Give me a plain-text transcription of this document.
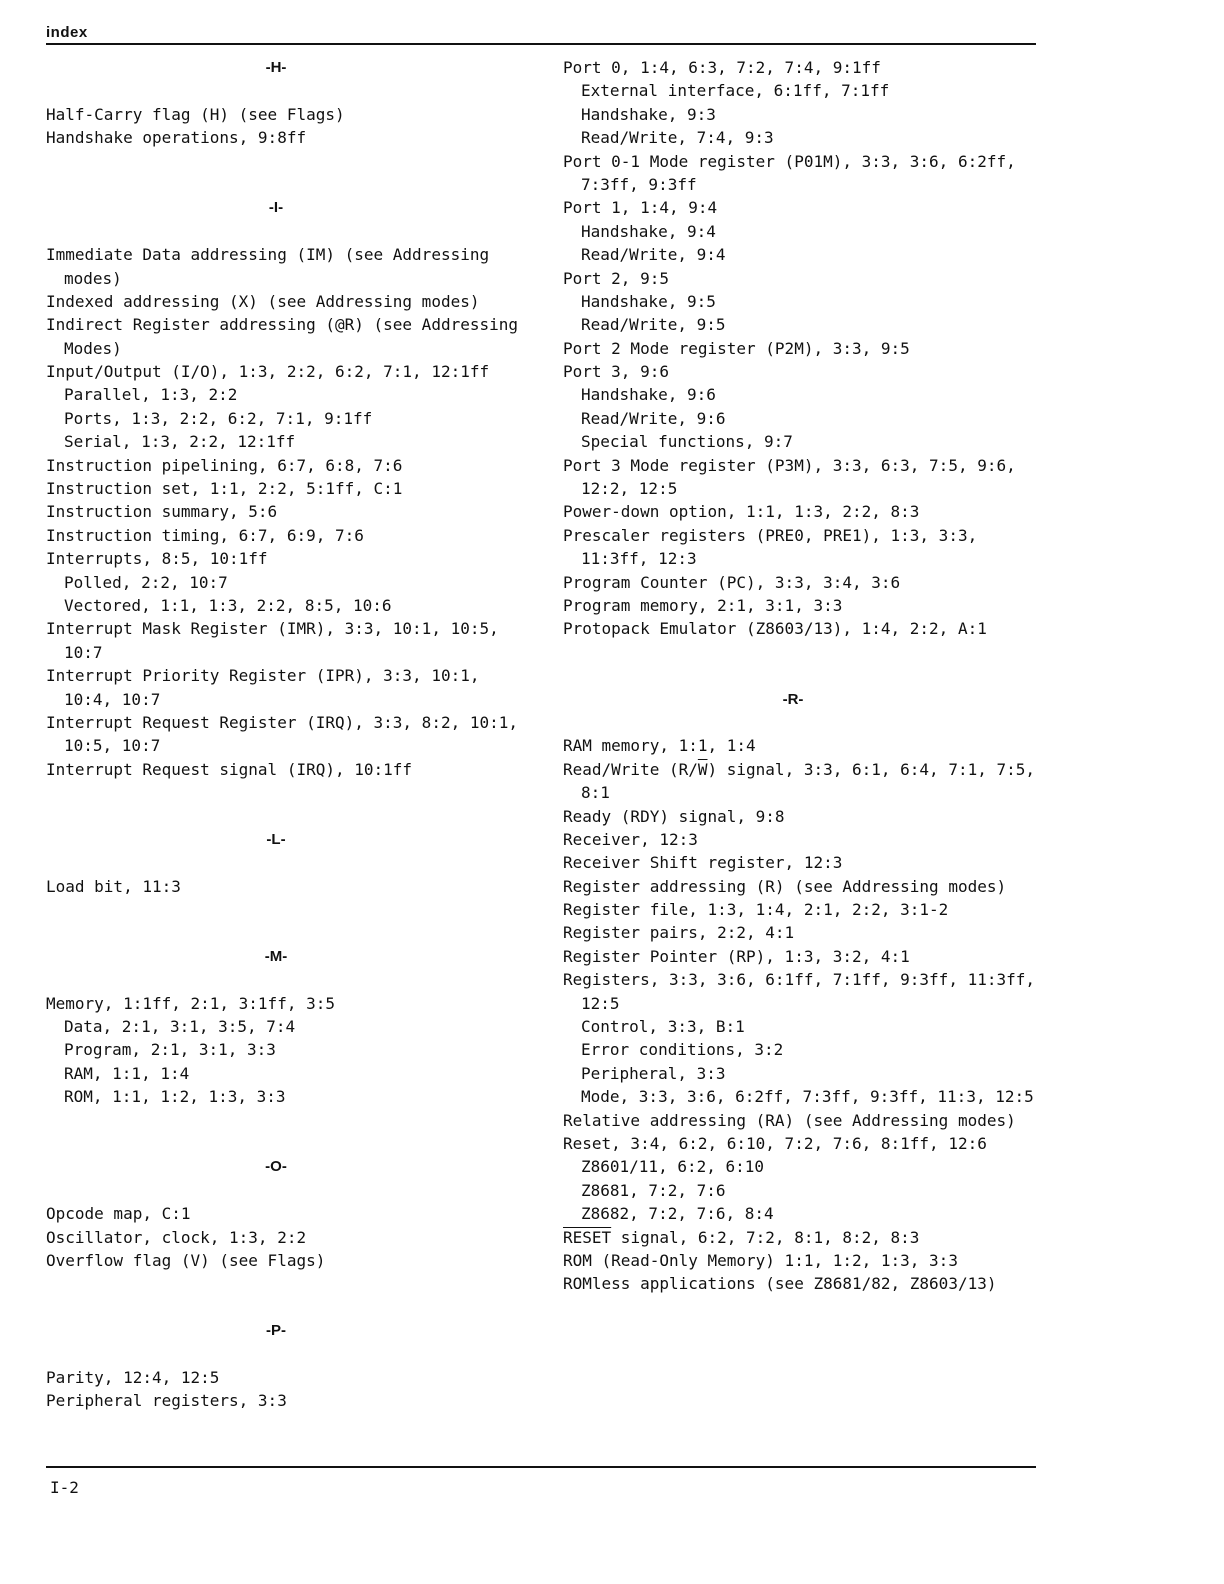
index
-H-
Half-Carry flag (H) (see Flags)
Handshake operations, 9:8ff
-I-
Immediate Data addressing (IM) (see Addressing
modes)
Indexed addressing (X) (see Addressing modes)
Indirect Register addressing (@R) (see Addressing
Modes)
Input/Output (I/O), 1:3, 2:2, 6:2, 7:1, 12:1ff
Parallel, 1:3, 2:2
Ports, 1:3, 2:2, 6:2, 7:1, 9:1ff
Serial, 1:3, 2:2, 12:1ff
Instruction pipelining, 6:7, 6:8, 7:6
Instruction set, 1:1, 2:2, 5:1ff, C:1
Instruction summary, 5:6
Instruction timing, 6:7, 6:9, 7:6
Interrupts, 8:5, 10:1ff
Polled, 2:2, 10:7
Vectored, 1:1, 1:3, 2:2, 8:5, 10:6
Interrupt Mask Register (IMR), 3:3, 10:1, 10:5,
10:7
Interrupt Priority Register (IPR), 3:3, 10:1,
10:4, 10:7
Interrupt Request Register (IRQ), 3:3, 8:2, 10:1,
10:5, 10:7
Interrupt Request signal (IRQ), 10:1ff
-L-
Load bit, 11:3
-M-
Memory, 1:1ff, 2:1, 3:1ff, 3:5
Data, 2:1, 3:1, 3:5, 7:4
Program, 2:1, 3:1, 3:3
RAM, 1:1, 1:4
ROM, 1:1, 1:2, 1:3, 3:3
-O-
Opcode map, C:1
Oscillator, clock, 1:3, 2:2
Overflow flag (V) (see Flags)
-P-
Parity, 12:4, 12:5
Peripheral registers, 3:3
Port 0, 1:4, 6:3, 7:2, 7:4, 9:1ff
External interface, 6:1ff, 7:1ff
Handshake, 9:3
Read/Write, 7:4, 9:3
Port 0-1 Mode register (P01M), 3:3, 3:6, 6:2ff,
7:3ff, 9:3ff
Port 1, 1:4, 9:4
Handshake, 9:4
Read/Write, 9:4
Port 2, 9:5
Handshake, 9:5
Read/Write, 9:5
Port 2 Mode register (P2M), 3:3, 9:5
Port 3, 9:6
Handshake, 9:6
Read/Write, 9:6
Special functions, 9:7
Port 3 Mode register (P3M), 3:3, 6:3, 7:5, 9:6,
12:2, 12:5
Power-down option, 1:1, 1:3, 2:2, 8:3
Prescaler registers (PRE0, PRE1), 1:3, 3:3,
11:3ff, 12:3
Program Counter (PC), 3:3, 3:4, 3:6
Program memory, 2:1, 3:1, 3:3
Protopack Emulator (Z8603/13), 1:4, 2:2, A:1
-R-
RAM memory, 1:1, 1:4
Read/Write $(R/\overline{W})$ signal, 3:3, 6:1, 6:4, 7:1, 7:5,
8:1
Ready (RDY) signal, 9:8
Receiver, 12:3
Receiver Shift register, 12:3
Register addressing (R) (see Addressing modes)
Register file, 1:3, 1:4, 2:1, 2:2, 3:1-2
Register pairs, 2:2, 4:1
Register Pointer (RP), 1:3, 3:2, 4:1
Registers, 3:3, 3:6, 6:1ff, 7:1ff, 9:3ff, 11:3ff,
12:5
Control, 3:3, B:1
Error conditions, 3:2
Peripheral, 3:3
Mode, 3:3, 3:6, 6:2ff, 7:3ff, 9:3ff, 11:3, 12:5
Relative addressing (RA) (see Addressing modes)
Reset, 3:4, 6:2, 6:10, 7:2, 7:6, 8:1ff, 12:6
Z8601/11, 6:2, 6:10
Z8681, 7:2, 7:6
Z8682, 7:2, 7:6, 8:4
RESET signal, 6:2, 7:2, 8:1, 8:2, 8:3
ROM (Read-Only Memory) 1:1, 1:2, 1:3, 3:3
ROMless applications (see Z8681/82, Z8603/13)
I-2
